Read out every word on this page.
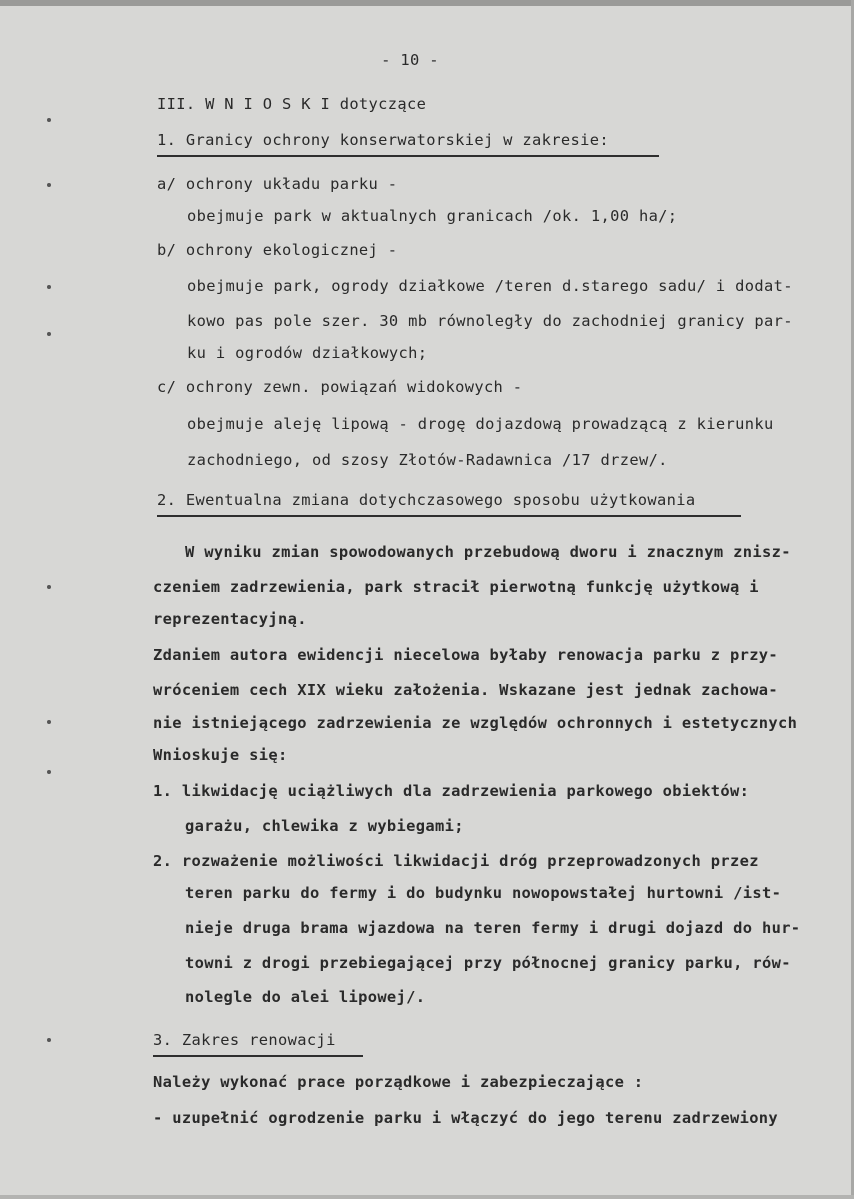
- 10 -
III. W N I O S K I dotyczące
1. Granicy ochrony konserwatorskiej w zakresie:
a/ ochrony układu parku -
obejmuje park w aktualnych granicach /ok. 1,00 ha/;
b/ ochrony ekologicznej -
obejmuje park, ogrody działkowe /teren d.starego sadu/ i dodat-
kowo pas pole szer. 30 mb równoległy do zachodniej granicy par-
ku i ogrodów działkowych;
c/ ochrony zewn. powiązań widokowych -
obejmuje aleję lipową - drogę dojazdową prowadzącą z kierunku
zachodniego, od szosy Złotów-Radawnica /17 drzew/.
2. Ewentualna zmiana dotychczasowego sposobu użytkowania
W wyniku zmian spowodowanych przebudową dworu i znacznym znisz-
czeniem zadrzewienia, park stracił pierwotną funkcję użytkową i
reprezentacyjną.
Zdaniem autora ewidencji niecelowa byłaby renowacja parku z przy-
wróceniem cech XIX wieku założenia. Wskazane jest jednak zachowa-
nie istniejącego zadrzewienia ze względów ochronnych i estetycznych
Wnioskuje się:
1. likwidację uciążliwych dla zadrzewienia parkowego obiektów:
garażu, chlewika z wybiegami;
2. rozważenie możliwości likwidacji dróg przeprowadzonych przez
teren parku do fermy i do budynku nowopowstałej hurtowni /ist-
nieje druga brama wjazdowa na teren fermy i drugi dojazd do hur-
towni z drogi przebiegającej przy północnej granicy parku, rów-
nolegle do alei lipowej/.
3. Zakres renowacji
Należy wykonać prace porządkowe i zabezpieczające :
- uzupełnić ogrodzenie parku i włączyć do jego terenu zadrzewiony
